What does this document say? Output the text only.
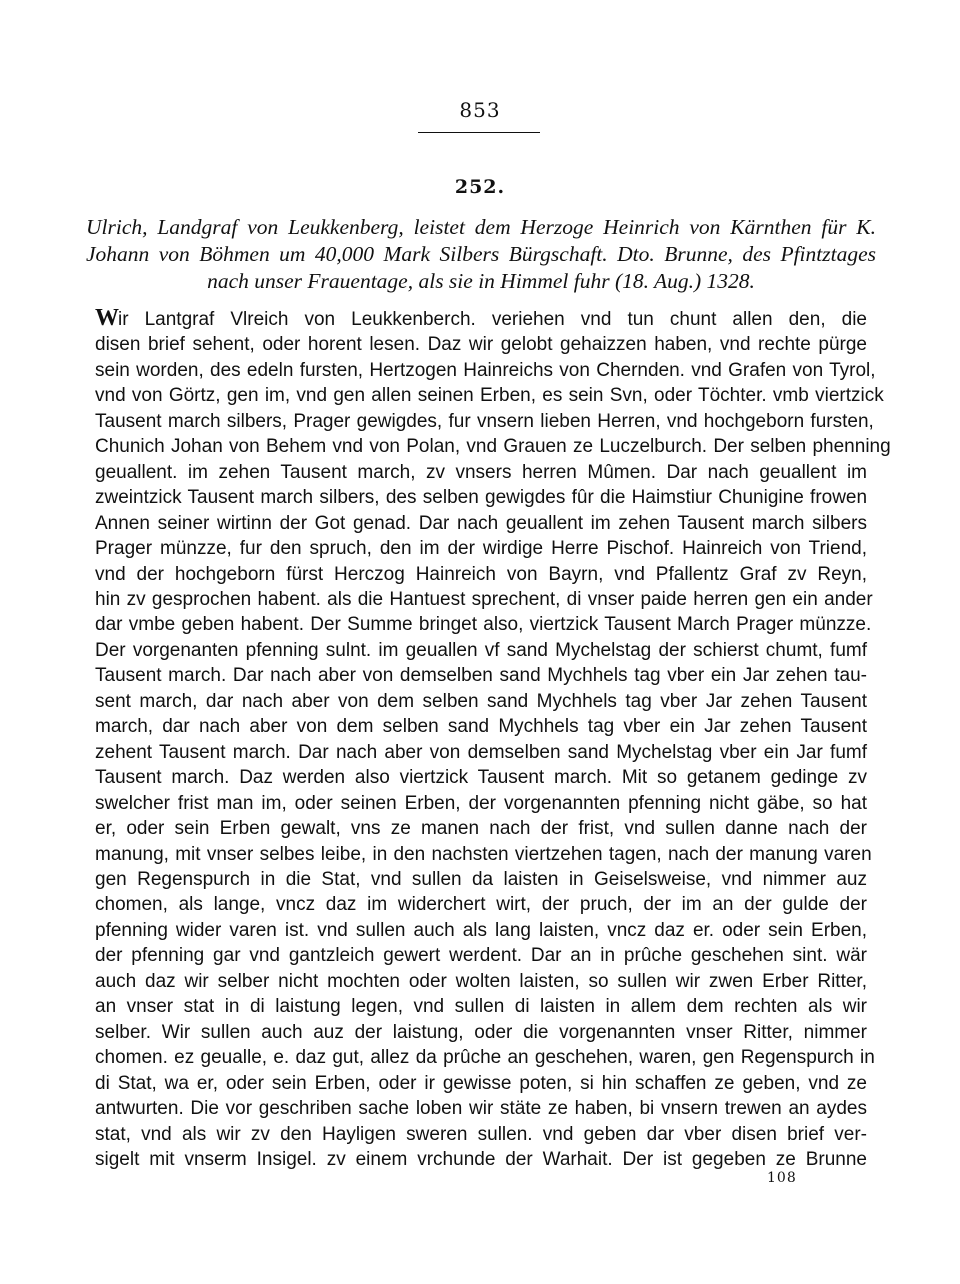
853
252.
Ulrich, Landgraf von Leukkenberg, leistet dem Herzoge Heinrich von Kärnthen für K.
Johann von Böhmen um 40,000 Mark Silbers Bürgschaft. Dto. Brunne, des Pfintztages
nach unser Frauentage, als sie in Himmel fuhr (18. Aug.) 1328.
Wir Lantgraf Vlreich von Leukkenberch. veriehen vnd tun chunt allen den, die
disen brief sehent, oder horent lesen. Daz wir gelobt gehaizzen haben, vnd rechte pürge
sein worden, des edeln fursten, Hertzogen Hainreichs von Chernden. vnd Grafen von Tyrol,
vnd von Görtz, gen im, vnd gen allen seinen Erben, es sein Svn, oder Töchter. vmb viertzick
Tausent march silbers, Prager gewigdes, fur vnsern lieben Herren, vnd hochgeborn fursten,
Chunich Johan von Behem vnd von Polan, vnd Grauen ze Luczelburch. Der selben phenning
geuallent. im zehen Tausent march, zv vnsers herren Mûmen. Dar nach geuallent im
zweintzick Tausent march silbers, des selben gewigdes fûr die Haimstiur Chunigine frowen
Annen seiner wirtinn der Got genad. Dar nach geuallent im zehen Tausent march silbers
Prager münzze, fur den spruch, den im der wirdige Herre Pischof. Hainreich von Triend,
vnd der hochgeborn fürst Herczog Hainreich von Bayrn, vnd Pfallentz Graf zv Reyn,
hin zv gesprochen habent. als die Hantuest sprechent, di vnser paide herren gen ein ander
dar vmbe geben habent. Der Summe bringet also, viertzick Tausent March Prager münzze.
Der vorgenanten pfenning sulnt. im geuallen vf sand Mychelstag der schierst chumt, fumf
Tausent march. Dar nach aber von demselben sand Mychhels tag vber ein Jar zehen tau-
sent march, dar nach aber von dem selben sand Mychhels tag vber Jar zehen Tausent
march, dar nach aber von dem selben sand Mychhels tag vber ein Jar zehen Tausent
zehent Tausent march. Dar nach aber von demselben sand Mychelstag vber ein Jar fumf
Tausent march. Daz werden also viertzick Tausent march. Mit so getanem gedinge zv
swelcher frist man im, oder seinen Erben, der vorgenannten pfenning nicht gäbe, so hat
er, oder sein Erben gewalt, vns ze manen nach der frist, vnd sullen danne nach der
manung, mit vnser selbes leibe, in den nachsten viertzehen tagen, nach der manung varen
gen Regenspurch in die Stat, vnd sullen da laisten in Geiselsweise, vnd nimmer auz
chomen, als lange, vncz daz im widerchert wirt, der pruch, der im an der gulde der
pfenning wider varen ist. vnd sullen auch als lang laisten, vncz daz er. oder sein Erben,
der pfenning gar vnd gantzleich gewert werdent. Dar an in prûche geschehen sint. wär
auch daz wir selber nicht mochten oder wolten laisten, so sullen wir zwen Erber Ritter,
an vnser stat in di laistung legen, vnd sullen di laisten in allem dem rechten als wir
selber. Wir sullen auch auz der laistung, oder die vorgenannten vnser Ritter, nimmer
chomen. ez geualle, e. daz gut, allez da prûche an geschehen, waren, gen Regenspurch in
di Stat, wa er, oder sein Erben, oder ir gewisse poten, si hin schaffen ze geben, vnd ze
antwurten. Die vor geschriben sache loben wir stäte ze haben, bi vnsern trewen an aydes
stat, vnd als wir zv den Hayligen sweren sullen. vnd geben dar vber disen brief ver-
sigelt mit vnserm Insigel. zv einem vrchunde der Warhait. Der ist gegeben ze Brunne
108
